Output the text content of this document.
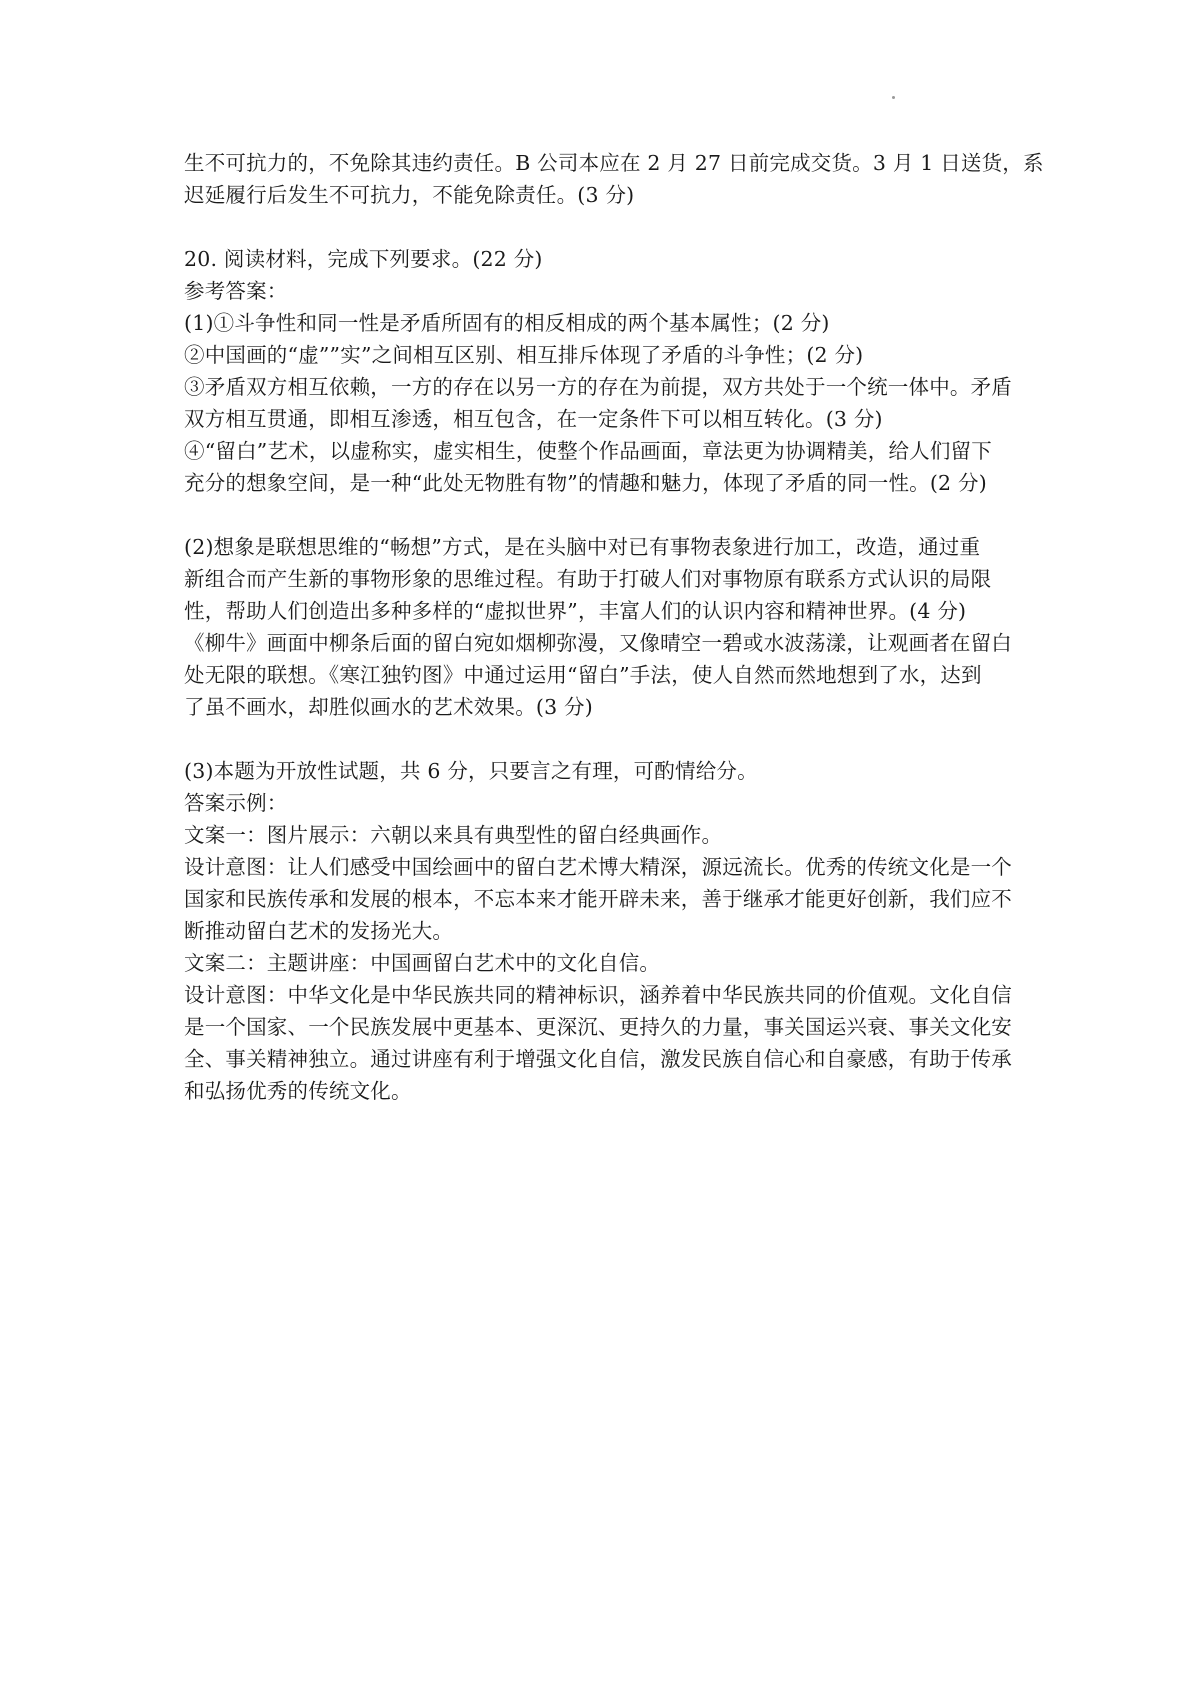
生不可抗力的，不免除其违约责任。B 公司本应在 2 月 27 日前完成交货。3 月 1 日送货，系
迟延履行后发生不可抗力，不能免除责任。(3 分)
20. 阅读材料，完成下列要求。(22 分)
参考答案：
(1)①斗争性和同一性是矛盾所固有的相反相成的两个基本属性；(2 分)
②中国画的“虚””实”之间相互区别、相互排斥体现了矛盾的斗争性；(2 分)
③矛盾双方相互依赖，一方的存在以另一方的存在为前提，双方共处于一个统一体中。矛盾
双方相互贯通，即相互渗透，相互包含，在一定条件下可以相互转化。(3 分)
④“留白”艺术，以虚称实，虚实相生，使整个作品画面，章法更为协调精美，给人们留下
充分的想象空间，是一种“此处无物胜有物”的情趣和魅力，体现了矛盾的同一性。(2 分)
(2)想象是联想思维的“畅想”方式，是在头脑中对已有事物表象进行加工，改造，通过重
新组合而产生新的事物形象的思维过程。有助于打破人们对事物原有联系方式认识的局限
性，帮助人们创造出多种多样的“虚拟世界”，丰富人们的认识内容和精神世界。(4 分)
《柳牛》画面中柳条后面的留白宛如烟柳弥漫，又像晴空一碧或水波荡漾，让观画者在留白
处无限的联想。《寒江独钓图》中通过运用“留白”手法，使人自然而然地想到了水，达到
了虽不画水，却胜似画水的艺术效果。(3 分)
(3)本题为开放性试题，共 6 分，只要言之有理，可酌情给分。
答案示例：
文案一：图片展示：六朝以来具有典型性的留白经典画作。
设计意图：让人们感受中国绘画中的留白艺术博大精深，源远流长。优秀的传统文化是一个
国家和民族传承和发展的根本，不忘本来才能开辟未来，善于继承才能更好创新，我们应不
断推动留白艺术的发扬光大。
文案二：主题讲座：中国画留白艺术中的文化自信。
设计意图：中华文化是中华民族共同的精神标识，涵养着中华民族共同的价值观。文化自信
是一个国家、一个民族发展中更基本、更深沉、更持久的力量，事关国运兴衰、事关文化安
全、事关精神独立。通过讲座有利于增强文化自信，激发民族自信心和自豪感，有助于传承
和弘扬优秀的传统文化。
